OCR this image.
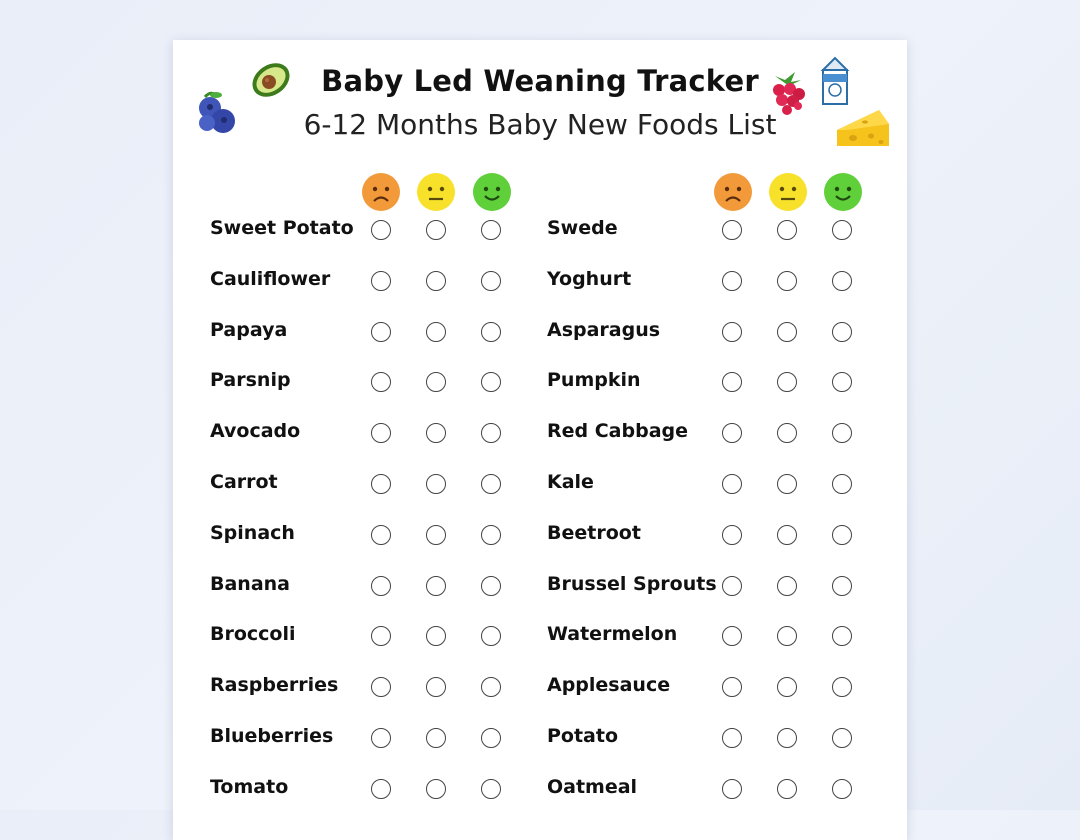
Baby Led Weaning Tracker
6-12 Months Baby New Foods List
Sweet Potato
Cauliflower
Papaya
Parsnip
Avocado
Carrot
Spinach
Banana
Broccoli
Raspberries
Blueberries
Tomato
Swede
Yoghurt
Asparagus
Pumpkin
Red Cabbage
Kale
Beetroot
Brussel Sprouts
Watermelon
Applesauce
Potato
Oatmeal
